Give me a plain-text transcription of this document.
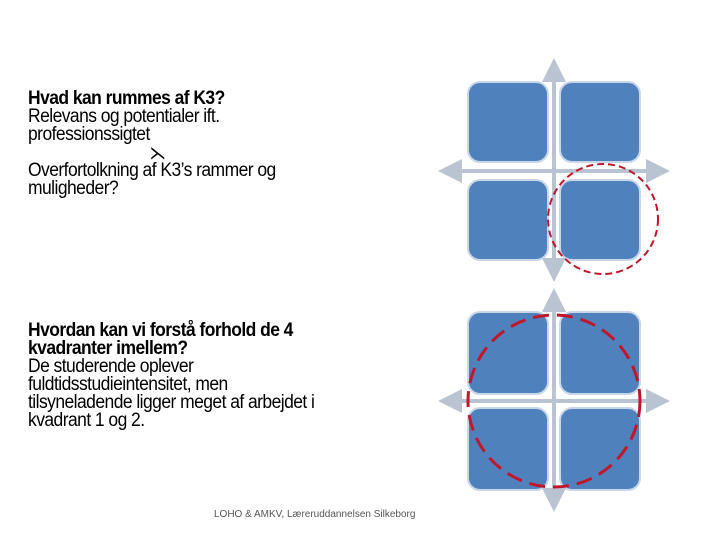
Hvad kan rummes af K3?
Relevans og potentialer ift.
professionssigtet
⋋
Overfortolkning af K3’s rammer og
muligheder?
Hvordan kan vi forstå forhold de 4
kvadranter imellem?
De studerende oplever
fuldtidsstudieintensitet, men
tilsyneladende ligger meget af arbejdet i
kvadrant 1 og 2.
LOHO & AMKV, Læreruddannelsen Silkeborg
